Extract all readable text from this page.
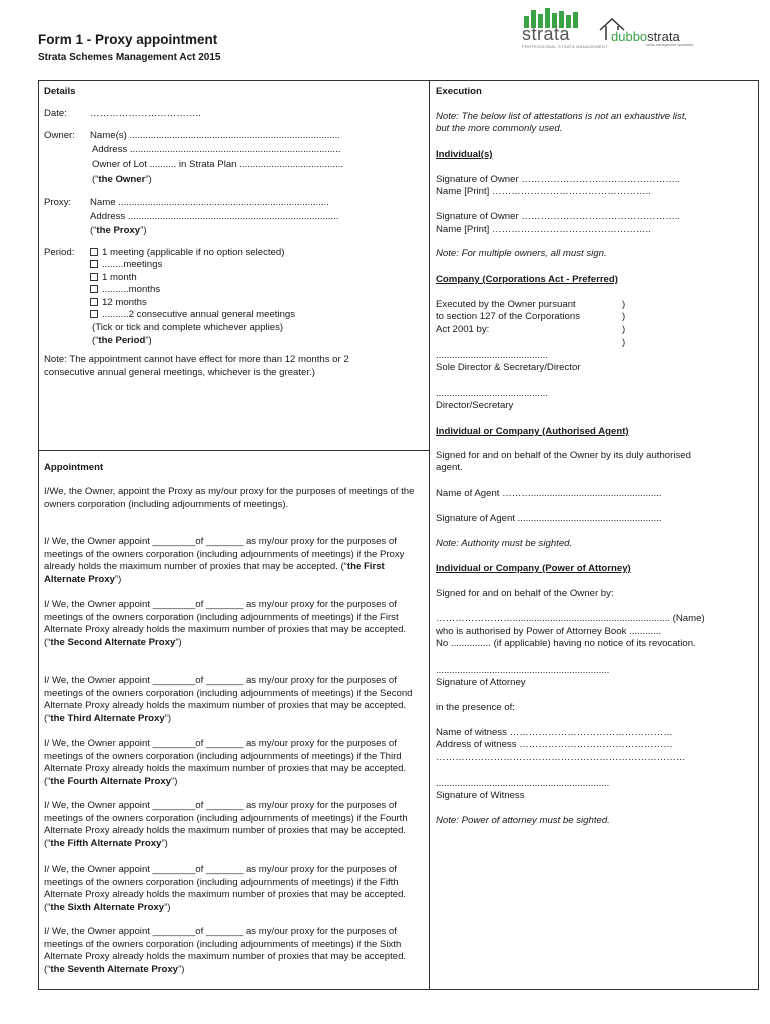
Form 1 - Proxy appointment
Strata Schemes Management Act 2015
strata
PROFESSIONAL STRATA MANAGEMENT
dubbostrata
strata management specialists
Details
Date: ……………………………..
Owner: Name(s) ...............................................................................
Address ...............................................................................
Owner of Lot .......... in Strata Plan .......................................
(“the Owner”)
Proxy: Name ...............................................................................
Address ...............................................................................
(“the Proxy”)
Period:	1 meeting (applicable if no option selected)
........meetings
1 month
..........months
12 months
..........2 consecutive annual general meetings
(Tick or tick and complete whichever applies)
(“the Period”)
Note: The appointment cannot have effect for more than 12 months or 2
consecutive annual general meetings, whichever is the greater.)
Appointment
I/We, the Owner, appoint the Proxy as my/our proxy for the purposes of meetings of the owners corporation (including adjournments of meetings).
I/ We, the Owner appoint ________of _______ as my/our proxy for the purposes of meetings of the owners corporation (including adjournments of meetings) if the Proxy already holds the maximum number of proxies that may be accepted. (“the First Alternate Proxy”)
I/ We, the Owner appoint ________of _______ as my/our proxy for the purposes of meetings of the owners corporation (including adjournments of meetings) if the First Alternate Proxy already holds the maximum number of proxies that may be accepted. (“the Second Alternate Proxy”)
I/ We, the Owner appoint ________of _______ as my/our proxy for the purposes of meetings of the owners corporation (including adjournments of meetings) if the Second Alternate Proxy already holds the maximum number of proxies that may be accepted. (“the Third Alternate Proxy”)
I/ We, the Owner appoint ________of _______ as my/our proxy for the purposes of meetings of the owners corporation (including adjournments of meetings) if the Third Alternate Proxy already holds the maximum number of proxies that may be accepted. (“the Fourth Alternate Proxy”)
I/ We, the Owner appoint ________of _______ as my/our proxy for the purposes of meetings of the owners corporation (including adjournments of meetings) if the Fourth Alternate Proxy already holds the maximum number of proxies that may be accepted. (“the Fifth Alternate Proxy”)
I/ We, the Owner appoint ________of _______ as my/our proxy for the purposes of meetings of the owners corporation (including adjournments of meetings) if the Fifth Alternate Proxy already holds the maximum number of proxies that may be accepted. (“the Sixth Alternate Proxy”)
I/ We, the Owner appoint ________of _______ as my/our proxy for the purposes of meetings of the owners corporation (including adjournments of meetings) if the Sixth Alternate Proxy already holds the maximum number of proxies that may be accepted. (“the Seventh Alternate Proxy”)
Execution
Note: The below list of attestations is not an exhaustive list,
but the more commonly used.
Individual(s)
Signature of Owner …………………………………………..
Name [Print] …………………………………………..
Signature of Owner …………………………………………..
Name [Print] …………………………………………..
Note: For multiple owners, all must sign.
Company (Corporations Act - Preferred)
Executed by the Owner pursuant
to section 127 of the Corporations
Act 2001 by:
)
)
)
)
..........................................
Sole Director & Secretary/Director
..........................................
Director/Secretary
Individual or Company (Authorised Agent)
Signed for and on behalf of the Owner by its duly authorised
agent.
Name of Agent ……….................................................
Signature of Agent ......................................................
Note: Authority must be sighted.
Individual or Company (Power of Attorney)
Signed for and on behalf of the Owner by:
……………………........................................................... (Name)
who is authorised by Power of Attorney Book ............
No ............... (if applicable) having no notice of its revocation.
.................................................................
Signature of Attorney
in the presence of:
Name of witness ……………………………………………
Address of witness …………………………………………
……………………………………………………………………
.................................................................
Signature of Witness
Note: Power of attorney must be sighted.
